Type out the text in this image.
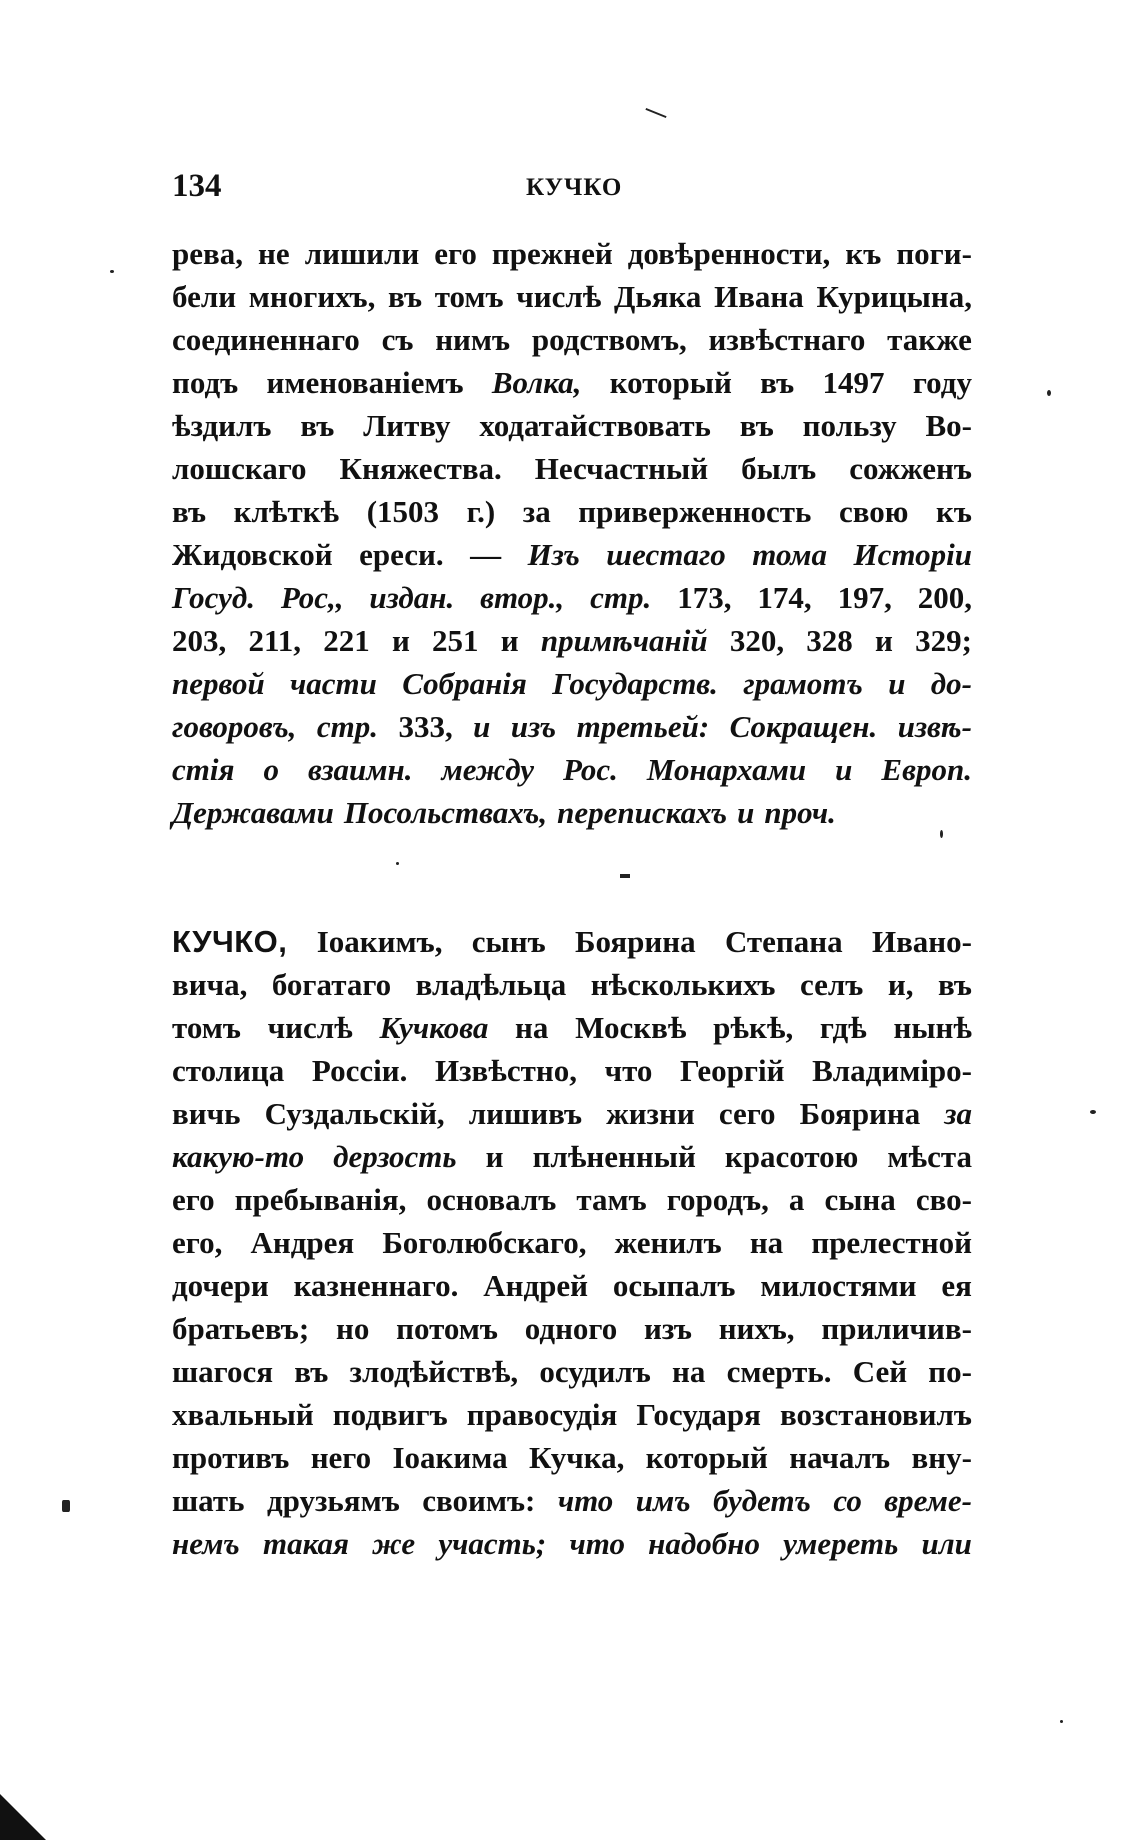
134	КУЧКО
рева, не лишили его прежней довѣренности, къ поги-
бели многихъ, въ томъ числѣ Дьяка Ивана Курицына,
соединеннаго съ нимъ родствомъ, извѣстнаго также
подъ именованіемъ Волка, который въ 1497 году
ѣздилъ въ Литву ходатайствовать въ пользу Во-
лошскаго Княжества. Несчастный былъ сожженъ
въ клѣткѣ (1503 г.) за приверженность свою къ
Жидовской ереси. — Изъ шестаго тома Исторіи
Госуд. Рос,, издан. втор., стр. 173, 174, 197, 200,
203, 211, 221 и 251 и примѣчаній 320, 328 и 329;
первой части Собранія Государств. грамотъ и до-
говоровъ, стр. 333, и изъ третьей: Сокращен. извѣ-
стія о взаимн. между Рос. Монархами и Европ.
Державами Посольствахъ, перепискахъ и проч.
КУЧКО, Іоакимъ, сынъ Боярина Степана Ивано-
вича, богатаго владѣльца нѣсколькихъ селъ и, въ
томъ числѣ Кучкова на Москвѣ рѣкѣ, гдѣ нынѣ
столица Россіи. Извѣстно, что Георгій Владиміро-
вичь Суздальскій, лишивъ жизни сего Боярина за
какую-то дерзость и плѣненный красотою мѣста
его пребыванія, основалъ тамъ городъ, а сына сво-
его, Андрея Боголюбскаго, женилъ на прелестной
дочери казненнаго. Андрей осыпалъ милостями ея
братьевъ; но потомъ одного изъ нихъ, приличив-
шагося въ злодѣйствѣ, осудилъ на смерть. Сей по-
хвальный подвигъ правосудія Государя возстановилъ
противъ него Іоакима Кучка, который началъ вну-
шать друзьямъ своимъ: что имъ будетъ со време-
немъ такая же участь; что надобно умереть или
